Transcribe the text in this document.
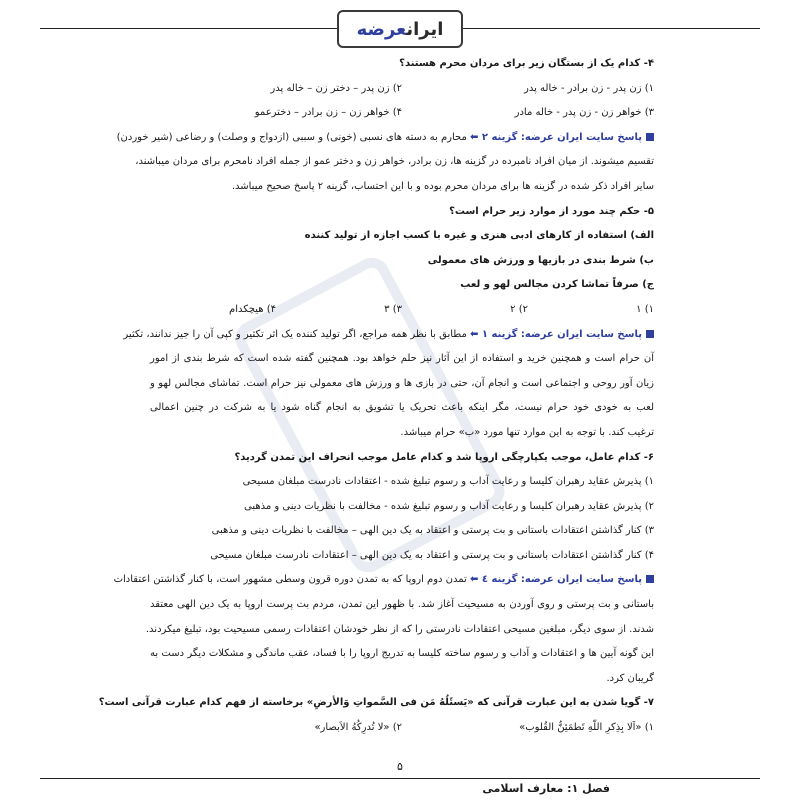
ایرانعرضه
۴- کدام یک از بستگان زیر برای مردان محرم هستند؟
۱) زن پدر - زن برادر - خاله پدر
۲) زن پدر – دختر زن – خاله پدر
۳) خواهر زن - زن پدر - خاله مادر
۴) خواهر زن – زن برادر – دخترعمو
پاسخ سایت ایران عرضه: گزینه ۲ ⬅ محارم به دسته های نسبی (خونی) و سببی (ازدواج و وصلت) و رضاعی (شیر خوردن)
تقسیم میشوند. از میان افراد نامبرده در گزینه ها، زن برادر، خواهر زن و دختر عمو از جمله افراد نامحرم برای مردان میباشند،
سایر افراد ذکر شده در گزینه ها برای مردان محرم بوده و با این احتساب، گزینه ۲ پاسخ صحیح میباشد.
۵- حکم چند مورد از موارد زیر حرام است؟
الف) استفاده از کارهای ادبی هنری و غیره با کسب اجازه از تولید کننده
ب) شرط بندی در بازیها و ورزش های معمولی
ج) صرفاً تماشا کردن مجالس لهو و لعب
۱) ۱
۲) ۲
۳) ۳
۴) هیچکدام
پاسخ سایت ایران عرضه: گزینه ۱ ⬅ مطابق با نظر همه مراجع، اگر تولید کننده یک اثر تکثیر و کپی آن را جیز ندانند، تکثیر
آن حرام است و همچنین خرید و استفاده از این آثار نیز حلم خواهد بود. همچنین گفته شده است که شرط بندی از امور
زیان آور روحی و اجتماعی است و انجام آن، حتی در بازی ها و ورزش های معمولی نیز حرام است. تماشای مجالس لهو و
لعب به خودی خود حرام نیست، مگر اینکه باعث تحریک یا تشویق به انجام گناه شود یا به شرکت در چنین اعمالی
ترغیب کند. با توجه به این موارد تنها مورد «ب» حرام میباشد.
۶- کدام عامل، موجب یکپارچگی اروپا شد و کدام عامل موجب انحراف این تمدن گردید؟
۱) پذیرش عقاید رهبران کلیسا و رعایت آداب و رسوم تبلیغ شده - اعتقادات نادرست مبلغان مسیحی
۲) پذیرش عقاید رهبران کلیسا و رعایت آداب و رسوم تبلیغ شده - مخالفت با نظریات دینی و مذهبی
۳) کنار گذاشتن اعتقادات باستانی و بت پرستی و اعتقاد به یک دین الهی – مخالفت با نظریات دینی و مذهبی
۴) کنار گذاشتن اعتقادات باستانی و بت پرستی و اعتقاد به یک دین الهی – اعتقادات نادرست مبلغان مسیحی
پاسخ سایت ایران عرضه: گزینه ٤ ⬅ تمدن دوم اروپا که به تمدن دوره قرون وسطی مشهور است، با کنار گذاشتن اعتقادات
باستانی و بت پرستی و روی آوردن به مسیحیت آغاز شد. با ظهور این تمدن، مردم بت پرست اروپا به یک دین الهی معتقد
شدند. از سوی دیگر، مبلغین مسیحی اعتقادات نادرستی را که از نظر خودشان اعتقادات رسمی مسیحیت بود، تبلیغ میکردند.
این گونه آیین ها و اعتقادات و آداب و رسوم ساخته کلیسا به تدریج اروپا را با فساد، عقب ماندگی و مشکلات دیگر دست به
گریبان کرد.
۷- گویا شدن به این عبارت قرآنی که «یَسئَلُهُ مَن فی السَّمواتِ وَالأرضِ» برخاسته از فهم کدام عبارت قرآنی است؟
۱) «اَلا بِذِکرِ اللّهِ تَطمَئِنُّ القُلوب»
۲) «لا تُدرِکُهُ الاَبصار»
۵
فصل ۱: معارف اسلامی
